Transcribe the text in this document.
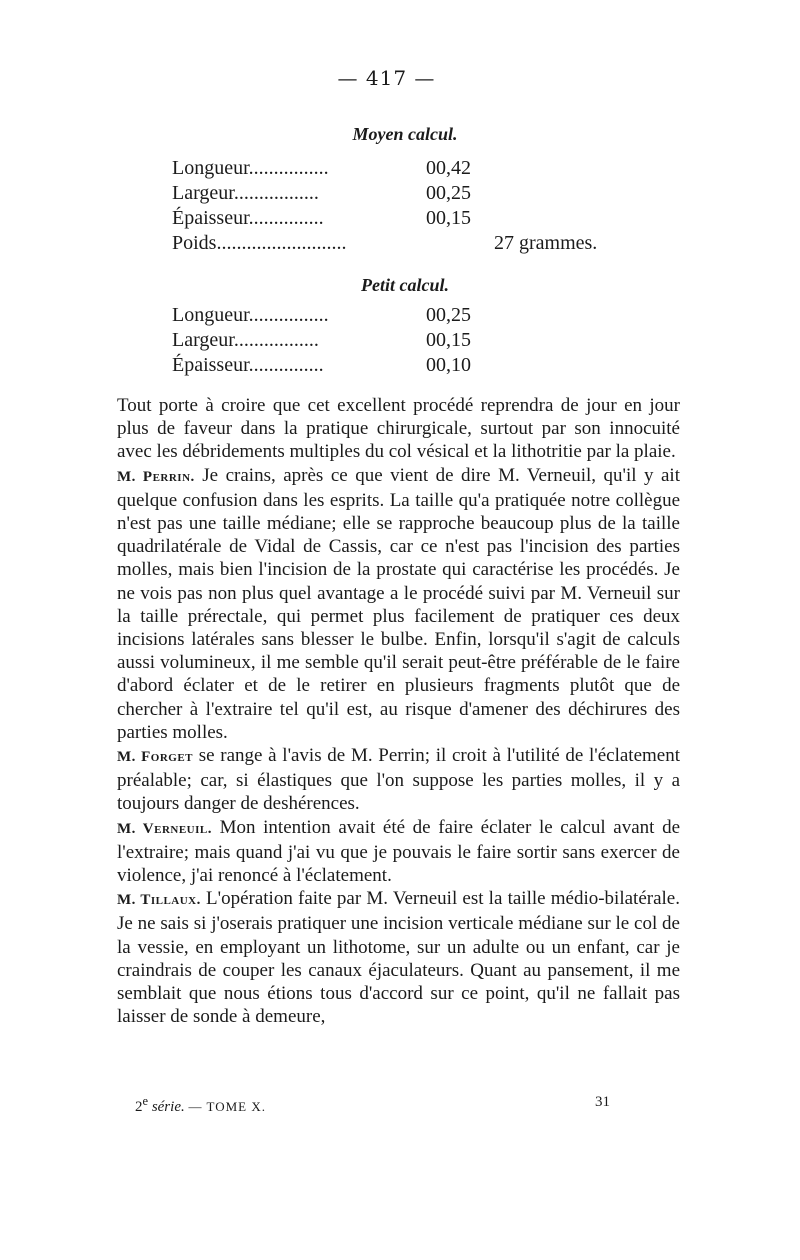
— 417 —
Moyen calcul.
Longueur................	00,42
Largeur.................	00,25
Épaisseur...............	00,15
Poids..........................	27 grammes.
Petit calcul.
Longueur................	00,25
Largeur.................	00,15
Épaisseur...............	00,10

Tout porte à croire que cet excellent procédé reprendra de jour en jour plus de faveur dans la pratique chirurgicale, surtout par son innocuité avec les débridements multiples du col vésical et la lithotritie par la plaie.

M. Perrin. Je crains, après ce que vient de dire M. Verneuil, qu'il y ait quelque confusion dans les esprits. La taille qu'a pratiquée notre collègue n'est pas une taille médiane; elle se rapproche beaucoup plus de la taille quadrilatérale de Vidal de Cassis, car ce n'est pas l'incision des parties molles, mais bien l'incision de la prostate qui caractérise les procédés. Je ne vois pas non plus quel avantage a le procédé suivi par M. Verneuil sur la taille prérectale, qui permet plus facilement de pratiquer ces deux incisions latérales sans blesser le bulbe. Enfin, lorsqu'il s'agit de calculs aussi volumineux, il me semble qu'il serait peut-être préférable de le faire d'abord éclater et de le retirer en plusieurs fragments plutôt que de chercher à l'extraire tel qu'il est, au risque d'amener des déchirures des parties molles.

M. Forget se range à l'avis de M. Perrin; il croit à l'utilité de l'éclatement préalable; car, si élastiques que l'on suppose les parties molles, il y a toujours danger de deshérences.

M. Verneuil. Mon intention avait été de faire éclater le calcul avant de l'extraire; mais quand j'ai vu que je pouvais le faire sortir sans exercer de violence, j'ai renoncé à l'éclatement.

M. Tillaux. L'opération faite par M. Verneuil est la taille médio-bilatérale. Je ne sais si j'oserais pratiquer une incision verticale médiane sur le col de la vessie, en employant un lithotome, sur un adulte ou un enfant, car je craindrais de couper les canaux éjaculateurs. Quant au pansement, il me semblait que nous étions tous d'accord sur ce point, qu'il ne fallait pas laisser de sonde à demeure,

2e série. — TOME X.	31
